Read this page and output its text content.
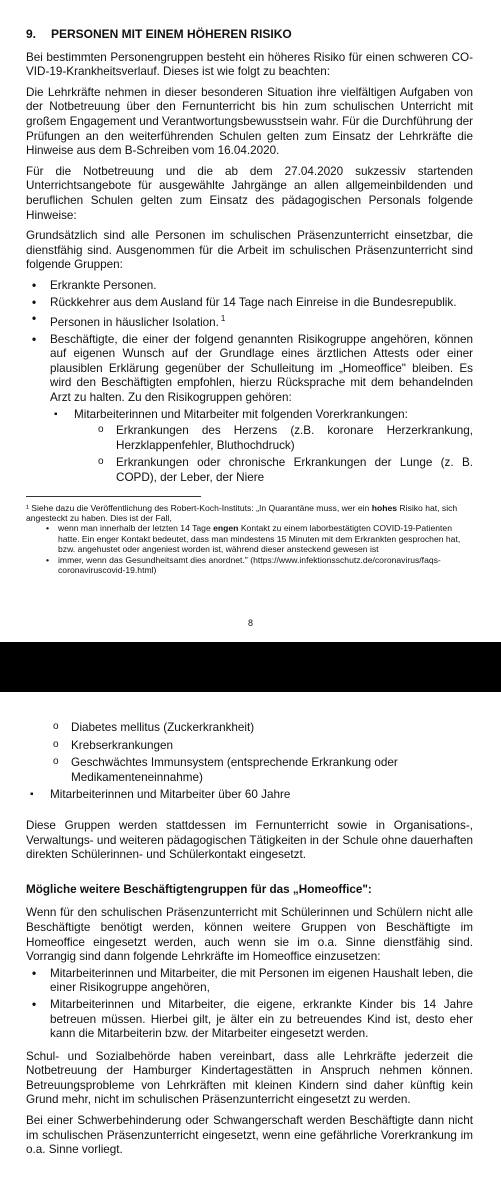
9.	PERSONEN MIT EINEM HÖHEREN RISIKO

Bei bestimmten Personengruppen besteht ein höheres Risiko für einen schweren CO-VID-19-Krankheitsverlauf. Dieses ist wie folgt zu beachten:

Die Lehrkräfte nehmen in dieser besonderen Situation ihre vielfältigen Aufgaben von der Notbetreuung über den Fernunterricht bis hin zum schulischen Unterricht mit großem Engagement und Verantwortungsbewusstsein wahr. Für die Durchführung der Prüfungen an den weiterführenden Schulen gelten zum Einsatz der Lehrkräfte die Hinweise aus dem B-Schreiben vom 16.04.2020.

Für die Notbetreuung und die ab dem 27.04.2020 sukzessiv startenden Unterrichtsangebote für ausgewählte Jahrgänge an allen allgemeinbildenden und beruflichen Schulen gelten zum Einsatz des pädagogischen Personals folgende Hinweise:

Grundsätzlich sind alle Personen im schulischen Präsenzunterricht einsetzbar, die dienstfähig sind. Ausgenommen für die Arbeit im schulischen Präsenzunterricht sind folgende Gruppen:

• Erkrankte Personen.
• Rückkehrer aus dem Ausland für 14 Tage nach Einreise in die Bundesrepublik.
• Personen in häuslicher Isolation. $^1$
• Beschäftigte, die einer der folgend genannten Risikogruppe angehören, können auf eigenen Wunsch auf der Grundlage eines ärztlichen Attests oder einer plausiblen Erklärung gegenüber der Schulleitung im „Homeoffice" bleiben. Es wird den Beschäftigten empfohlen, hierzu Rücksprache mit dem behandelnden Arzt zu halten. Zu den Risikogruppen gehören:
▪ Mitarbeiterinnen und Mitarbeiter mit folgenden Vorerkrankungen:
o Erkrankungen des Herzens (z.B. koronare Herzerkrankung, Herzklappenfehler, Bluthochdruck)
o Erkrankungen oder chronische Erkrankungen der Lunge (z. B. COPD), der Leber, der Niere
¹ Siehe dazu die Veröffentlichung des Robert-Koch-Instituts: „In Quarantäne muss, wer ein hohes Risiko hat, sich angesteckt zu haben. Dies ist der Fall,
• wenn man innerhalb der letzten 14 Tage engen Kontakt zu einem laborbestätigten COVID-19-Patienten hatte. Ein enger Kontakt bedeutet, dass man mindestens 15 Minuten mit dem Erkrankten gesprochen hat, bzw. angehustet oder angeniest worden ist, während dieser ansteckend gewesen ist
• immer, wenn das Gesundheitsamt dies anordnet." (https://www.infektionsschutz.de/coronavirus/faqs-coronaviruscovid-19.html)
8
o Diabetes mellitus (Zuckerkrankheit)
o Krebserkrankungen
o Geschwächtes Immunsystem (entsprechende Erkrankung oder Medikamenteneinnahme)
▪ Mitarbeiterinnen und Mitarbeiter über 60 Jahre

Diese Gruppen werden stattdessen im Fernunterricht sowie in Organisations-, Verwaltungs- und weiteren pädagogischen Tätigkeiten in der Schule ohne dauerhaften direkten Schülerinnen- und Schülerkontakt eingesetzt.

Mögliche weitere Beschäftigtengruppen für das „Homeoffice":

Wenn für den schulischen Präsenzunterricht mit Schülerinnen und Schülern nicht alle Beschäftigte benötigt werden, können weitere Gruppen von Beschäftigte im Homeoffice eingesetzt werden, auch wenn sie im o.a. Sinne dienstfähig sind. Vorrangig sind dann folgende Lehrkräfte im Homeoffice einzusetzen:

• Mitarbeiterinnen und Mitarbeiter, die mit Personen im eigenen Haushalt leben, die einer Risikogruppe angehören,
• Mitarbeiterinnen und Mitarbeiter, die eigene, erkrankte Kinder bis 14 Jahre betreuen müssen. Hierbei gilt, je älter ein zu betreuendes Kind ist, desto eher kann die Mitarbeiterin bzw. der Mitarbeiter eingesetzt werden.

Schul- und Sozialbehörde haben vereinbart, dass alle Lehrkräfte jederzeit die Notbetreuung der Hamburger Kindertagestätten in Anspruch nehmen können. Betreuungsprobleme von Lehrkräften mit kleinen Kindern sind daher künftig kein Grund mehr, nicht im schulischen Präsenzunterricht eingesetzt zu werden.

Bei einer Schwerbehinderung oder Schwangerschaft werden Beschäftigte dann nicht im schulischen Präsenzunterricht eingesetzt, wenn eine gefährliche Vorerkrankung im o.a. Sinne vorliegt.
